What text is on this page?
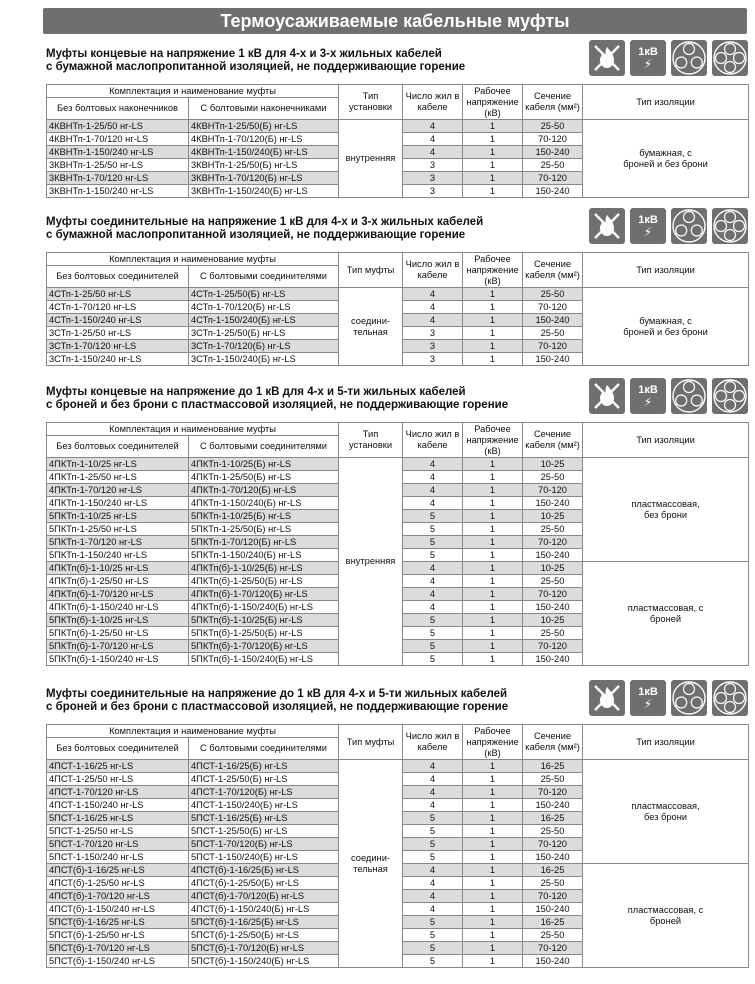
Термоусаживаемые кабельные муфты
Муфты концевые на напряжение 1 кВ для 4-х и 3-х жильных кабелей
с бумажной маслопропитанной изоляцией, не поддерживающие горение
1кВ
⚡
Комплектация и наименование муфты		Тип установки	Число жил в кабеле	Рабочее напряжение (кВ)	Сечение кабеля (мм²)	Тип изоляции
Без болтовых наконечников	С болтовыми наконечниками					
4КВНТп-1-25/50 нг-LS	4КВНТп-1-25/50(Б) нг-LS	внутренняя	4	1	25-50	бумажная, с броней и без брони
4КВНТп-1-70/120 нг-LS	4КВНТп-1-70/120(Б) нг-LS		4	1	70-120	
4КВНТп-1-150/240 нг-LS	4КВНТп-1-150/240(Б) нг-LS		4	1	150-240	
3КВНТп-1-25/50 нг-LS	3КВНТп-1-25/50(Б) нг-LS		3	1	25-50	
3КВНТп-1-70/120 нг-LS	3КВНТп-1-70/120(Б) нг-LS		3	1	70-120	
3КВНТп-1-150/240 нг-LS	3КВНТп-1-150/240(Б) нг-LS		3	1	150-240	
Муфты соединительные на напряжение 1 кВ для 4-х и 3-х жильных кабелей
с бумажной маслопропитанной изоляцией, не поддерживающие горение
1кВ
⚡
Комплектация и наименование муфты		Тип муфты	Число жил в кабеле	Рабочее напряжение (кВ)	Сечение кабеля (мм²)	Тип изоляции
Без болтовых соединителей	С болтовыми соединителями					
4СТп-1-25/50 нг-LS	4СТп-1-25/50(Б) нг-LS	соедини-тельная	4	1	25-50	бумажная, с броней и без брони
4СТп-1-70/120 нг-LS	4СТп-1-70/120(Б) нг-LS		4	1	70-120	
4СТп-1-150/240 нг-LS	4СТп-1-150/240(Б) нг-LS		4	1	150-240	
3СТп-1-25/50 нг-LS	3СТп-1-25/50(Б) нг-LS		3	1	25-50	
3СТп-1-70/120 нг-LS	3СТп-1-70/120(Б) нг-LS		3	1	70-120	
3СТп-1-150/240 нг-LS	3СТп-1-150/240(Б) нг-LS		3	1	150-240	
Муфты концевые на напряжение до 1 кВ для 4-х и 5-ти жильных кабелей
с броней и без брони с пластмассовой изоляцией, не поддерживающие горение
1кВ
⚡
Комплектация и наименование муфты		Тип установки	Число жил в кабеле	Рабочее напряжение (кВ)	Сечение кабеля (мм²)	Тип изоляции
Без болтовых соединителей	С болтовыми соединителями					
4ПКТп-1-10/25 нг-LS	4ПКТп-1-10/25(Б) нг-LS	внутренняя	4	1	10-25	пластмассовая, без брони
4ПКТп-1-25/50 нг-LS	4ПКТп-1-25/50(Б) нг-LS		4	1	25-50	
4ПКТп-1-70/120 нг-LS	4ПКТп-1-70/120(Б) нг-LS		4	1	70-120	
4ПКТп-1-150/240 нг-LS	4ПКТп-1-150/240(Б) нг-LS		4	1	150-240	
5ПКТп-1-10/25 нг-LS	5ПКТп-1-10/25(Б) нг-LS		5	1	10-25	
5ПКТп-1-25/50 нг-LS	5ПКТп-1-25/50(Б) нг-LS		5	1	25-50	
5ПКТп-1-70/120 нг-LS	5ПКТп-1-70/120(Б) нг-LS		5	1	70-120	
5ПКТп-1-150/240 нг-LS	5ПКТп-1-150/240(Б) нг-LS		5	1	150-240	
4ПКТп(б)-1-10/25 нг-LS	4ПКТп(б)-1-10/25(Б) нг-LS		4	1	10-25	пластмассовая, с броней
4ПКТп(б)-1-25/50 нг-LS	4ПКТп(б)-1-25/50(Б) нг-LS		4	1	25-50	
4ПКТп(б)-1-70/120 нг-LS	4ПКТп(б)-1-70/120(Б) нг-LS		4	1	70-120	
4ПКТп(б)-1-150/240 нг-LS	4ПКТп(б)-1-150/240(Б) нг-LS		4	1	150-240	
5ПКТп(б)-1-10/25 нг-LS	5ПКТп(б)-1-10/25(Б) нг-LS		5	1	10-25	
5ПКТп(б)-1-25/50 нг-LS	5ПКТп(б)-1-25/50(Б) нг-LS		5	1	25-50	
5ПКТп(б)-1-70/120 нг-LS	5ПКТп(б)-1-70/120(Б) нг-LS		5	1	70-120	
5ПКТп(б)-1-150/240 нг-LS	5ПКТп(б)-1-150/240(Б) нг-LS		5	1	150-240	
Муфты соединительные на напряжение до 1 кВ для 4-х и 5-ти жильных кабелей
с броней и без брони с пластмассовой изоляцией, не поддерживающие горение
1кВ
⚡
Комплектация и наименование муфты		Тип муфты	Число жил в кабеле	Рабочее напряжение (кВ)	Сечение кабеля (мм²)	Тип изоляции
Без болтовых соединителей	С болтовыми соединителями					
4ПСТ-1-16/25 нг-LS	4ПСТ-1-16/25(Б) нг-LS	соедини-тельная	4	1	16-25	пластмассовая, без брони
4ПСТ-1-25/50 нг-LS	4ПСТ-1-25/50(Б) нг-LS		4	1	25-50	
4ПСТ-1-70/120 нг-LS	4ПСТ-1-70/120(Б) нг-LS		4	1	70-120	
4ПСТ-1-150/240 нг-LS	4ПСТ-1-150/240(Б) нг-LS		4	1	150-240	
5ПСТ-1-16/25 нг-LS	5ПСТ-1-16/25(Б) нг-LS		5	1	16-25	
5ПСТ-1-25/50 нг-LS	5ПСТ-1-25/50(Б) нг-LS		5	1	25-50	
5ПСТ-1-70/120 нг-LS	5ПСТ-1-70/120(Б) нг-LS		5	1	70-120	
5ПСТ-1-150/240 нг-LS	5ПСТ-1-150/240(Б) нг-LS		5	1	150-240	
4ПСТ(б)-1-16/25 нг-LS	4ПСТ(б)-1-16/25(Б) нг-LS		4	1	16-25	пластмассовая, с броней
4ПСТ(б)-1-25/50 нг-LS	4ПСТ(б)-1-25/50(Б) нг-LS		4	1	25-50	
4ПСТ(б)-1-70/120 нг-LS	4ПСТ(б)-1-70/120(Б) нг-LS		4	1	70-120	
4ПСТ(б)-1-150/240 нг-LS	4ПСТ(б)-1-150/240(Б) нг-LS		4	1	150-240	
5ПСТ(б)-1-16/25 нг-LS	5ПСТ(б)-1-16/25(Б) нг-LS		5	1	16-25	
5ПСТ(б)-1-25/50 нг-LS	5ПСТ(б)-1-25/50(Б) нг-LS		5	1	25-50	
5ПСТ(б)-1-70/120 нг-LS	5ПСТ(б)-1-70/120(Б) нг-LS		5	1	70-120	
5ПСТ(б)-1-150/240 нг-LS	5ПСТ(б)-1-150/240(Б) нг-LS		5	1	150-240	
